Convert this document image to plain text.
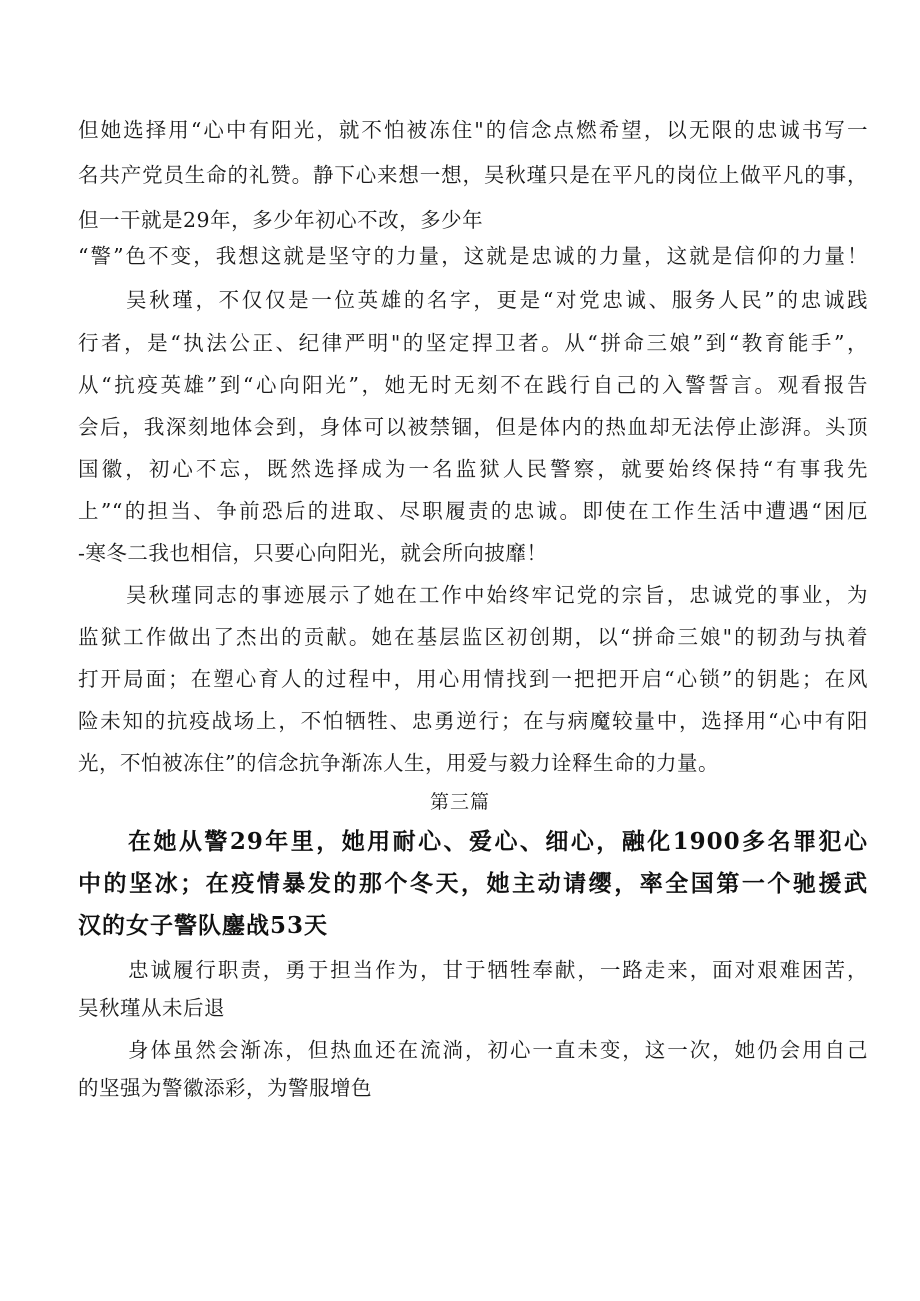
但她选择用“心中有阳光，就不怕被冻住"的信念点燃希望，以无限的忠诚书写一
名共产党员生命的礼赞。静下心来想一想，吴秋瑾只是在平凡的岗位上做平凡的事，
但一干就是29年，多少年初心不改，多少年
“警”色不变，我想这就是坚守的力量，这就是忠诚的力量，这就是信仰的力量！
吴秋瑾，不仅仅是一位英雄的名字，更是“对党忠诚、服务人民”的忠诚践
行者，是“执法公正、纪律严明"的坚定捍卫者。从“拼命三娘”到“教育能手”，
从“抗疫英雄”到“心向阳光”，她无时无刻不在践行自己的入警誓言。观看报告
会后，我深刻地体会到，身体可以被禁锢，但是体内的热血却无法停止澎湃。头顶
国徽，初心不忘，既然选择成为一名监狱人民警察，就要始终保持“有事我先
上”“的担当、争前恐后的进取、尽职履责的忠诚。即使在工作生活中遭遇“困厄
-寒冬二我也相信，只要心向阳光，就会所向披靡！
吴秋瑾同志的事迹展示了她在工作中始终牢记党的宗旨，忠诚党的事业，为
监狱工作做出了杰出的贡献。她在基层监区初创期，以“拼命三娘"的韧劲与执着
打开局面；在塑心育人的过程中，用心用情找到一把把开启“心锁”的钥匙；在风
险未知的抗疫战场上，不怕牺牲、忠勇逆行；在与病魔较量中，选择用“心中有阳
光，不怕被冻住”的信念抗争渐冻人生，用爱与毅力诠释生命的力量。
第三篇
在她从警29年里，她用耐心、爱心、细心，融化1900多名罪犯心
中的坚冰；在疫情暴发的那个冬天，她主动请缨，率全国第一个驰援武
汉的女子警队鏖战53天
忠诚履行职责，勇于担当作为，甘于牺牲奉献，一路走来，面对艰难困苦，
吴秋瑾从未后退
身体虽然会渐冻，但热血还在流淌，初心一直未变，这一次，她仍会用自己
的坚强为警徽添彩，为警服增色
